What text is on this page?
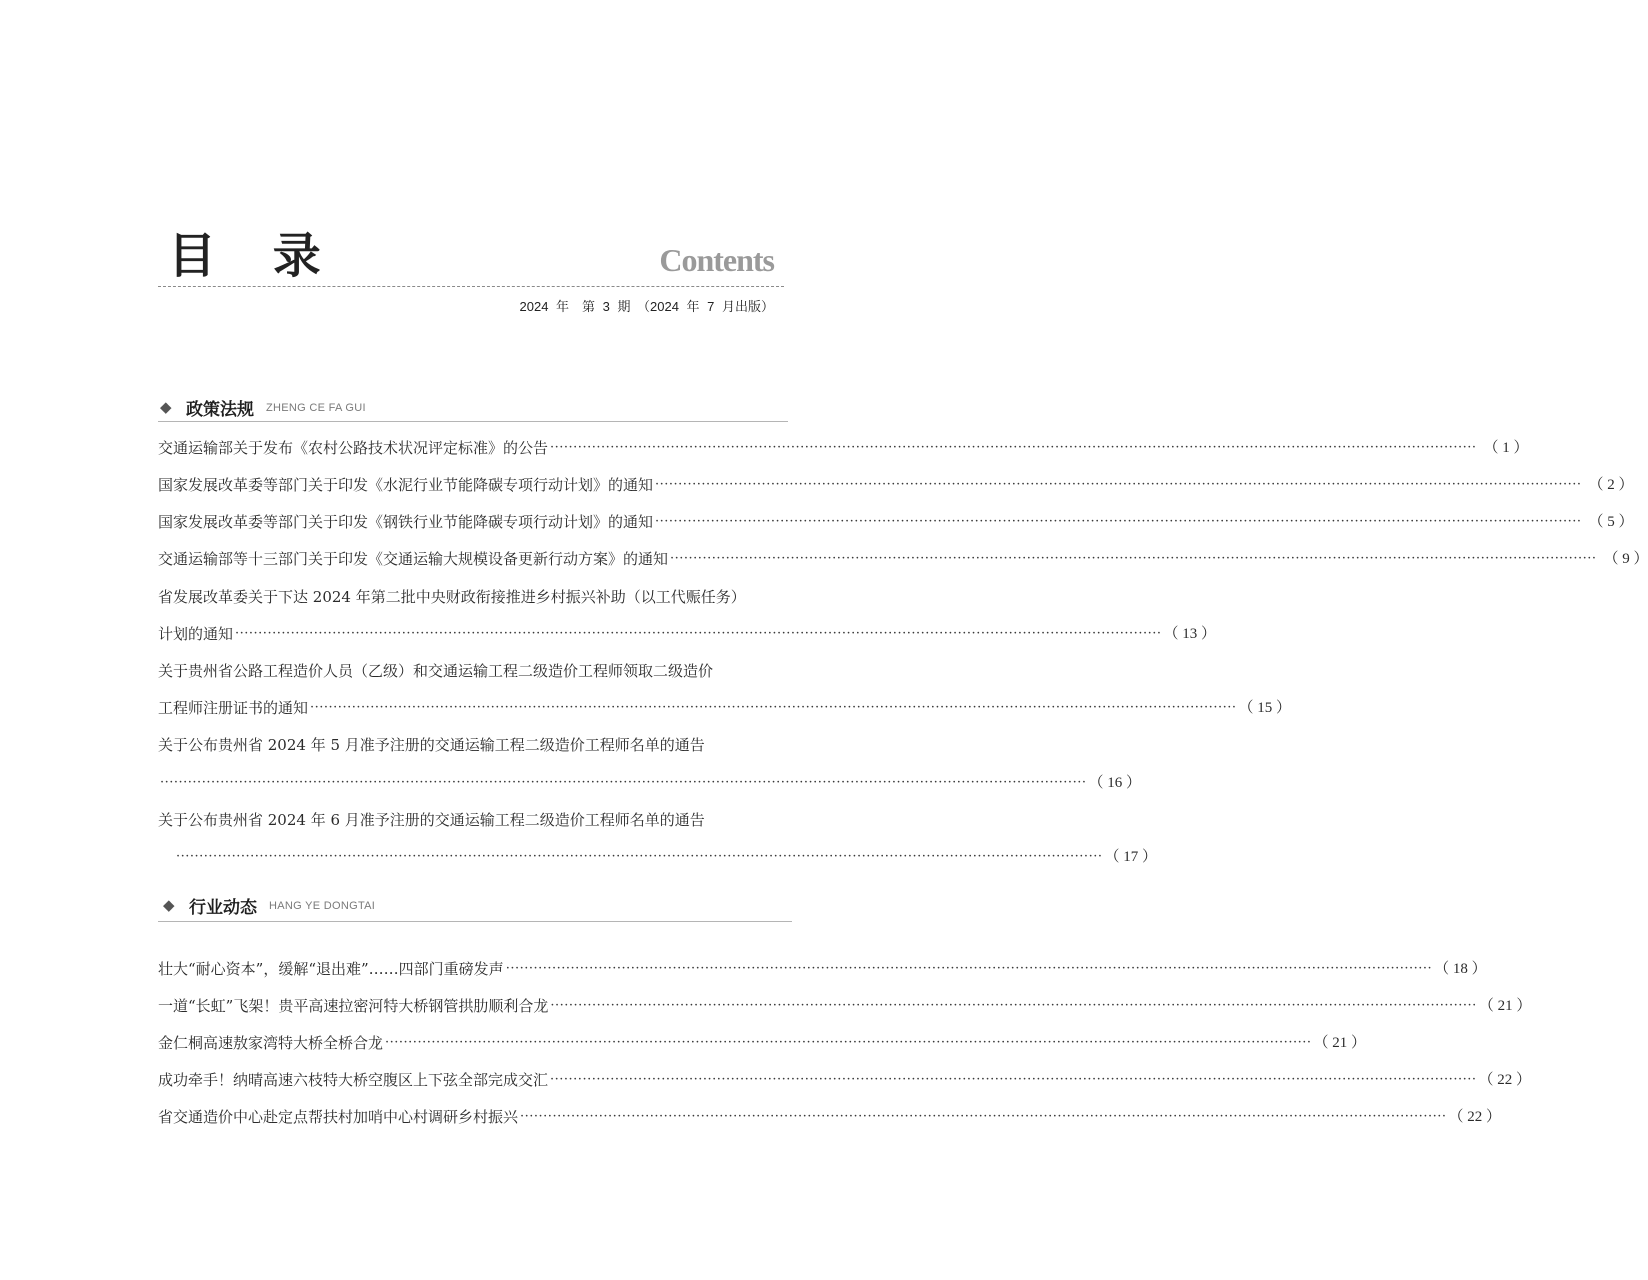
目 录	Contents
2024 年　第 3 期　（2024 年 7 月出版）
◆ 政策法规 ZHENG CE FA GUI
交通运输部关于发布《农村公路技术状况评定标准》的公告 ········································································································································································································ （ 1 ）
国家发展改革委等部门关于印发《水泥行业节能降碳专项行动计划》的通知 ········································································································································································································ （ 2 ）
国家发展改革委等部门关于印发《钢铁行业节能降碳专项行动计划》的通知 ········································································································································································································ （ 5 ）
交通运输部等十三部门关于印发《交通运输大规模设备更新行动方案》的通知 ········································································································································································································ （ 9 ）
省发展改革委关于下达 2024 年第二批中央财政衔接推进乡村振兴补助（以工代赈任务）
计划的通知 ········································································································································································································ （ 13 ）
关于贵州省公路工程造价人员（乙级）和交通运输工程二级造价工程师领取二级造价
工程师注册证书的通知 ········································································································································································································ （ 15 ）
关于公布贵州省 2024 年 5 月准予注册的交通运输工程二级造价工程师名单的通告
········································································································································································································ （ 16 ）
关于公布贵州省 2024 年 6 月准予注册的交通运输工程二级造价工程师名单的通告
········································································································································································································ （ 17 ）
◆ 行业动态 HANG YE DONGTAI
壮大“耐心资本”，缓解“退出难”……四部门重磅发声 ········································································································································································································ （ 18 ）
一道“长虹”飞架！贵平高速拉密河特大桥钢管拱肋顺利合龙 ········································································································································································································ （ 21 ）
金仁桐高速敖家湾特大桥全桥合龙 ········································································································································································································ （ 21 ）
成功牵手！纳晴高速六枝特大桥空腹区上下弦全部完成交汇 ········································································································································································································ （ 22 ）
省交通造价中心赴定点帮扶村加哨中心村调研乡村振兴 ········································································································································································································ （ 22 ）
